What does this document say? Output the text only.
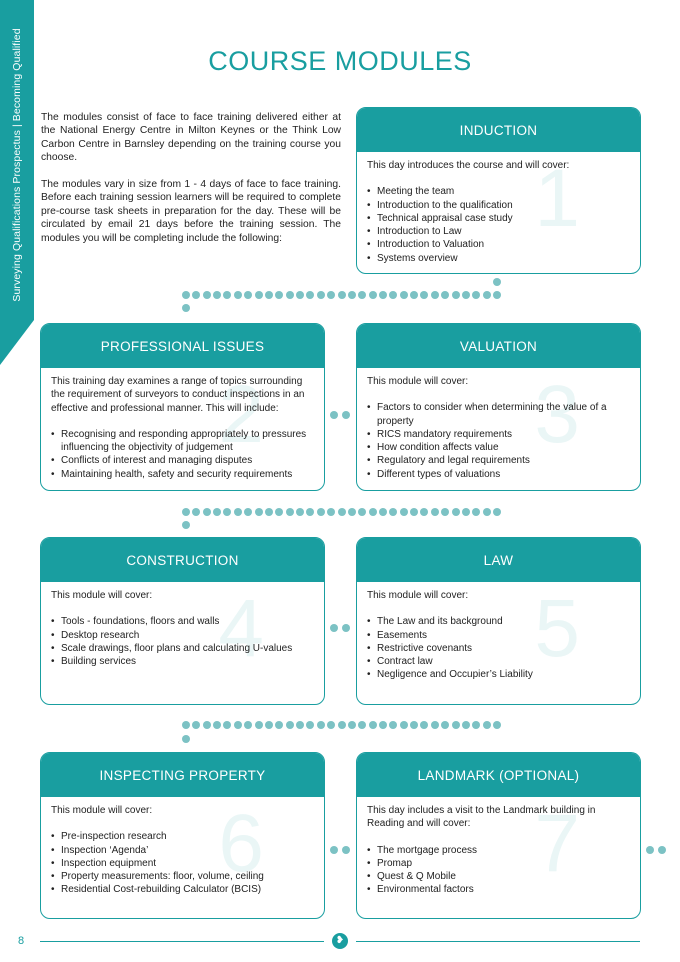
Surveying Qualifications Prospectus | Becoming Qualified	COURSE MODULES

The modules consist of face to face training delivered either at the National Energy Centre in Milton Keynes or the Think Low Carbon Centre in Barnsley depending on the training course you choose.

The modules vary in size from 1 - 4 days of face to face training. Before each training session learners will be required to complete pre-course task sheets in preparation for the day. These will be circulated by email 21 days before the training session. The modules you will be completing include the following:

INDUCTION
1
This day introduces the course and will cover:
• Meeting the team
• Introduction to the qualification
• Technical appraisal case study
• Introduction to Law
• Introduction to Valuation
• Systems overview
PROFESSIONAL ISSUES
2
This training day examines a range of topics surrounding the requirement of surveyors to conduct inspections in an effective and professional manner. This will include:
• Recognising and responding appropriately to pressures influencing the objectivity of judgement
• Conflicts of interest and managing disputes
• Maintaining health, safety and security requirements
VALUATION
3
This module will cover:
• Factors to consider when determining the value of a property
• RICS mandatory requirements
• How condition affects value
• Regulatory and legal requirements
• Different types of valuations
CONSTRUCTION
4
This module will cover:
• Tools - foundations, floors and walls
• Desktop research
• Scale drawings, floor plans and calculating U-values
• Building services
LAW
5
This module will cover:
• The Law and its background
• Easements
• Restrictive covenants
• Contract law
• Negligence and Occupier’s Liability
INSPECTING PROPERTY
6
This module will cover:
• Pre-inspection research
• Inspection ‘Agenda’
• Inspection equipment
• Property measurements: floor, volume, ceiling
• Residential Cost-rebuilding Calculator (BCIS)
LANDMARK (OPTIONAL)
7
This day includes a visit to the Landmark building in Reading and will cover:
• The mortgage process
• Promap
• Quest & Q Mobile
• Environmental factors
8	❥
